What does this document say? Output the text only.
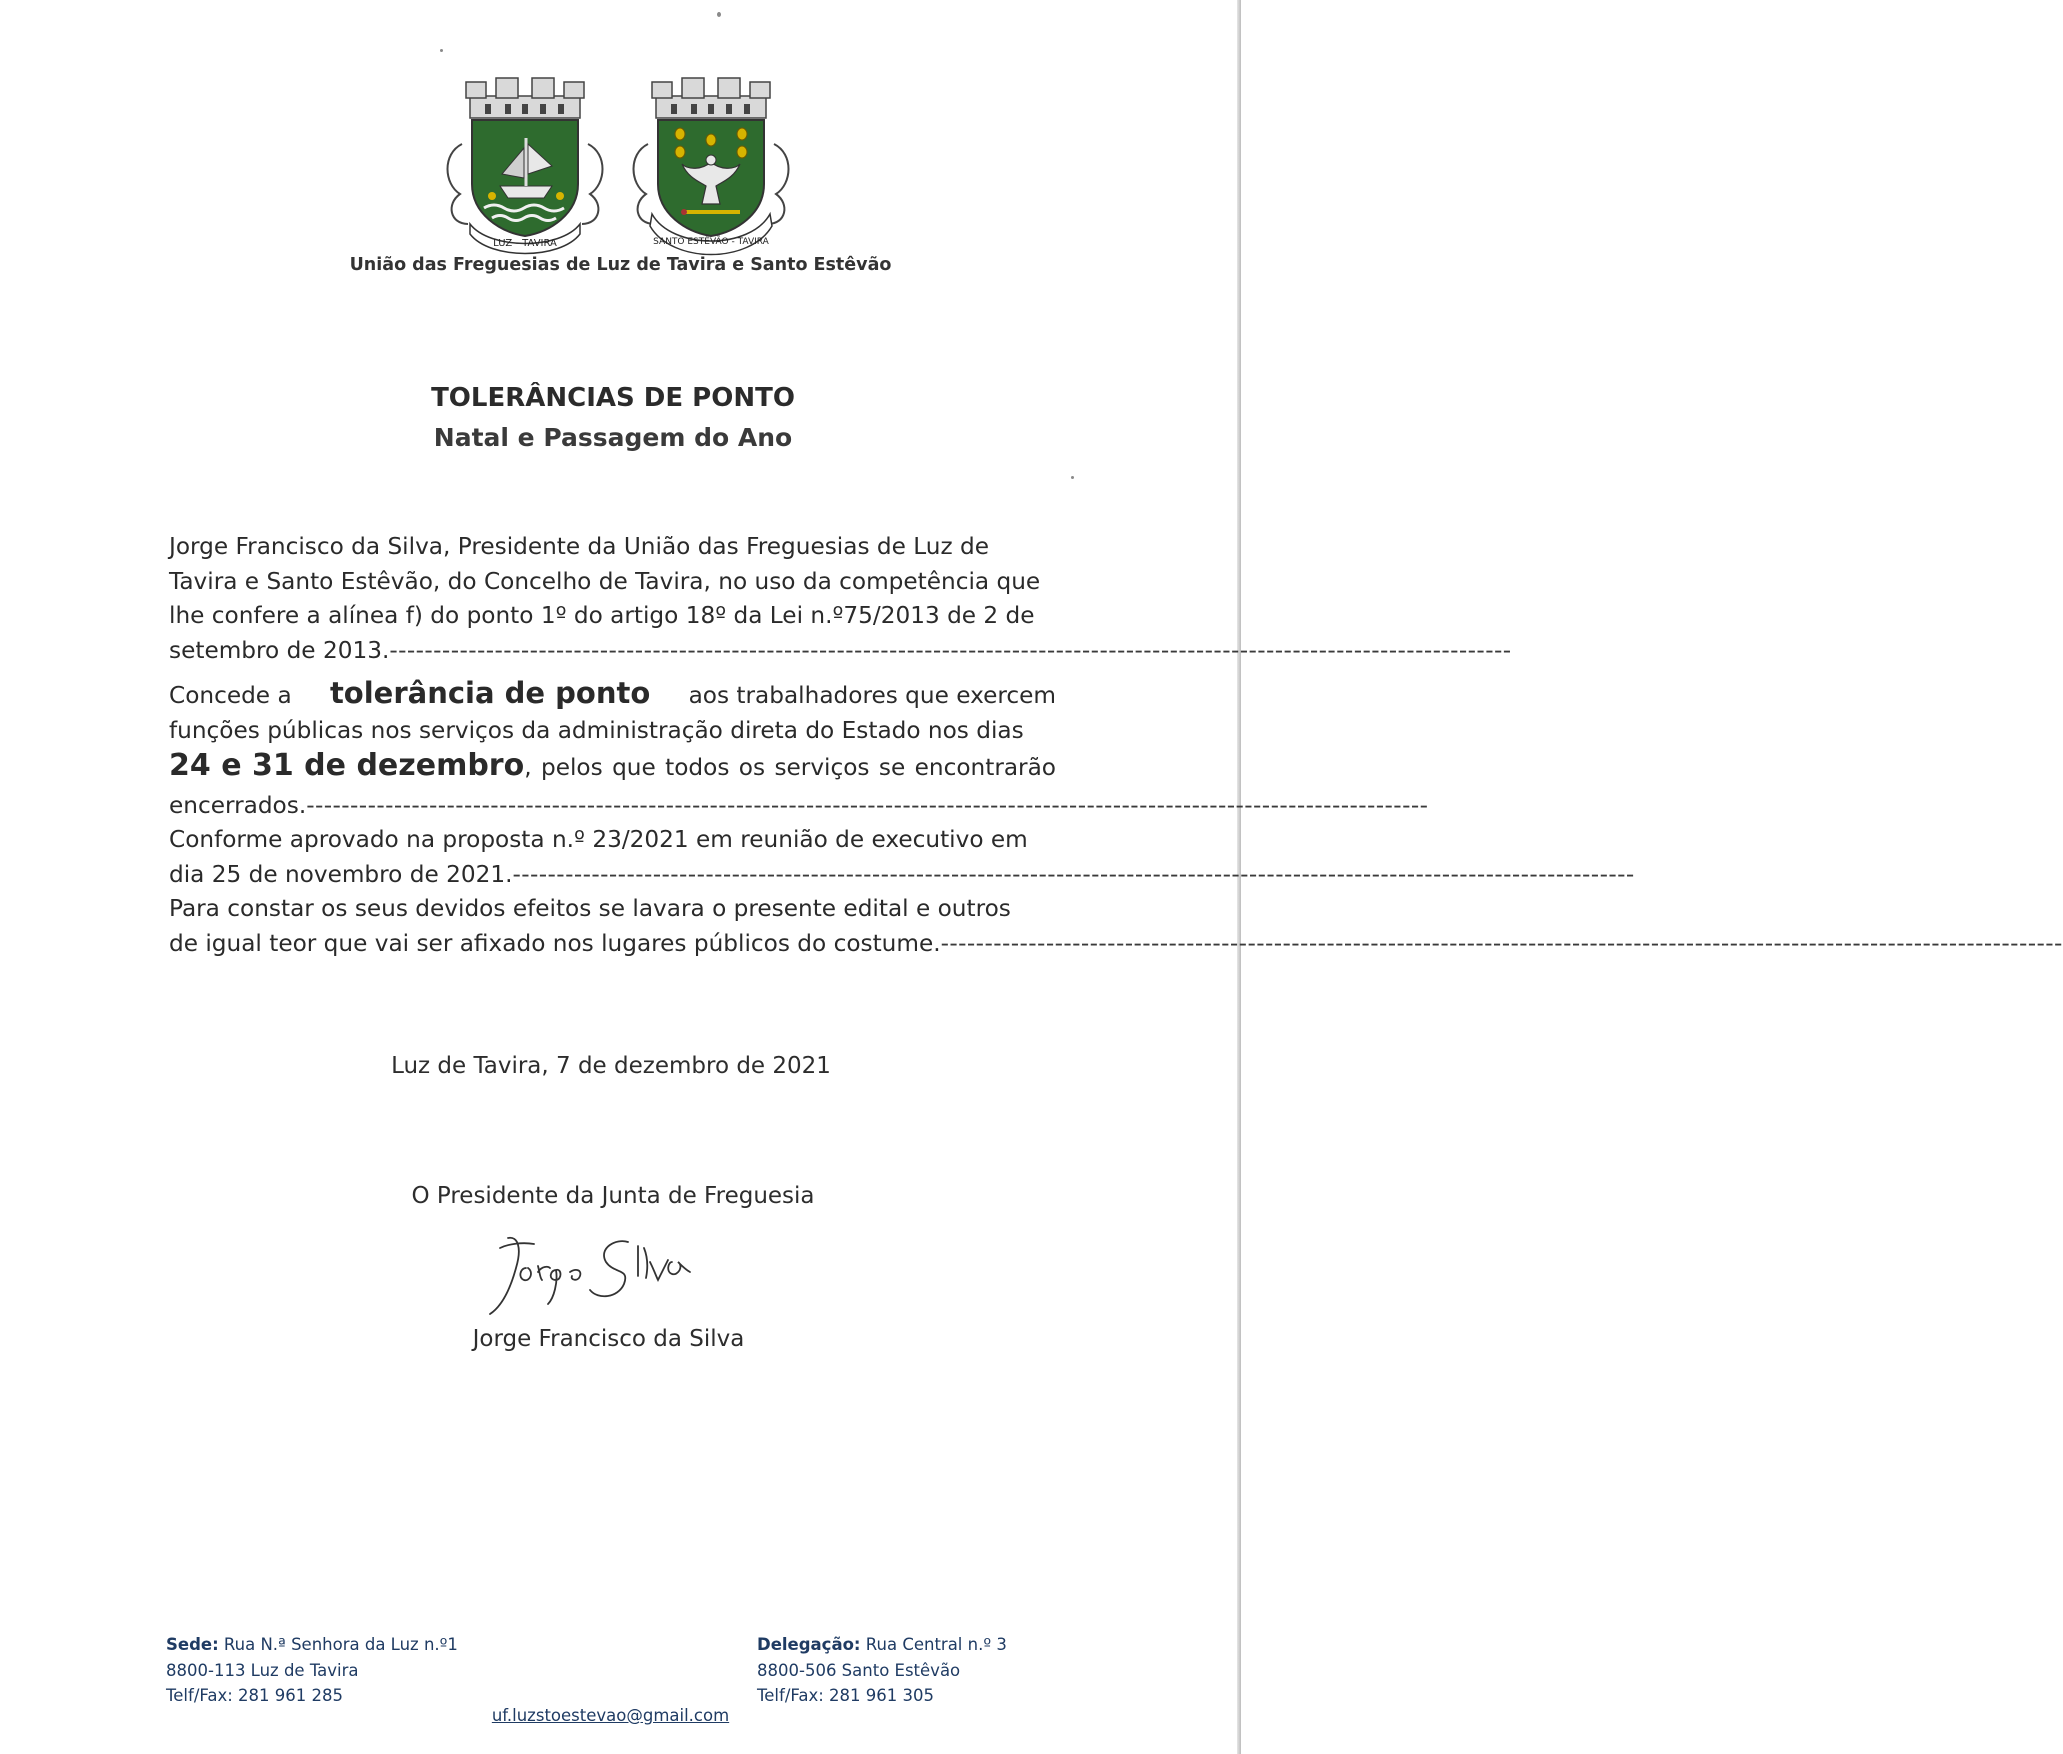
LUZ - TAVIRA	SANTO ESTÊVÃO - TAVIRA
União das Freguesias de Luz de Tavira e Santo Estêvão
TOLERÂNCIAS DE PONTO
Natal e Passagem do Ano
Jorge Francisco da Silva, Presidente da União das Freguesias de Luz de
Tavira e Santo Estêvão, do Concelho de Tavira, no uso da competência que
lhe confere a alínea f) do ponto 1º do artigo 18º da Lei n.º75/2013 de 2 de
setembro de 2013. --------------------------------------------------------------------------------------------------------------------------------
Concede a tolerância de ponto aos trabalhadores que exercem
funções públicas nos serviços da administração direta do Estado nos dias
24 e 31 de dezembro , pelos que todos os serviços se encontrarão
encerrados. --------------------------------------------------------------------------------------------------------------------------------
Conforme aprovado na proposta n.º 23/2021 em reunião de executivo em
dia 25 de novembro de 2021. --------------------------------------------------------------------------------------------------------------------------------
Para constar os seus devidos efeitos se lavara o presente edital e outros
de igual teor que vai ser afixado nos lugares públicos do costume. --------------------------------------------------------------------------------------------------------------------------------
Luz de Tavira, 7 de dezembro de 2021
O Presidente da Junta de Freguesia
Jorge Francisco da Silva
Sede: Rua N.ª Senhora da Luz n.º1
8800-113 Luz de Tavira
Telf/Fax: 281 961 285
Delegação: Rua Central n.º 3
8800-506 Santo Estêvão
Telf/Fax: 281 961 305
uf.luzstoestevao@gmail.com
